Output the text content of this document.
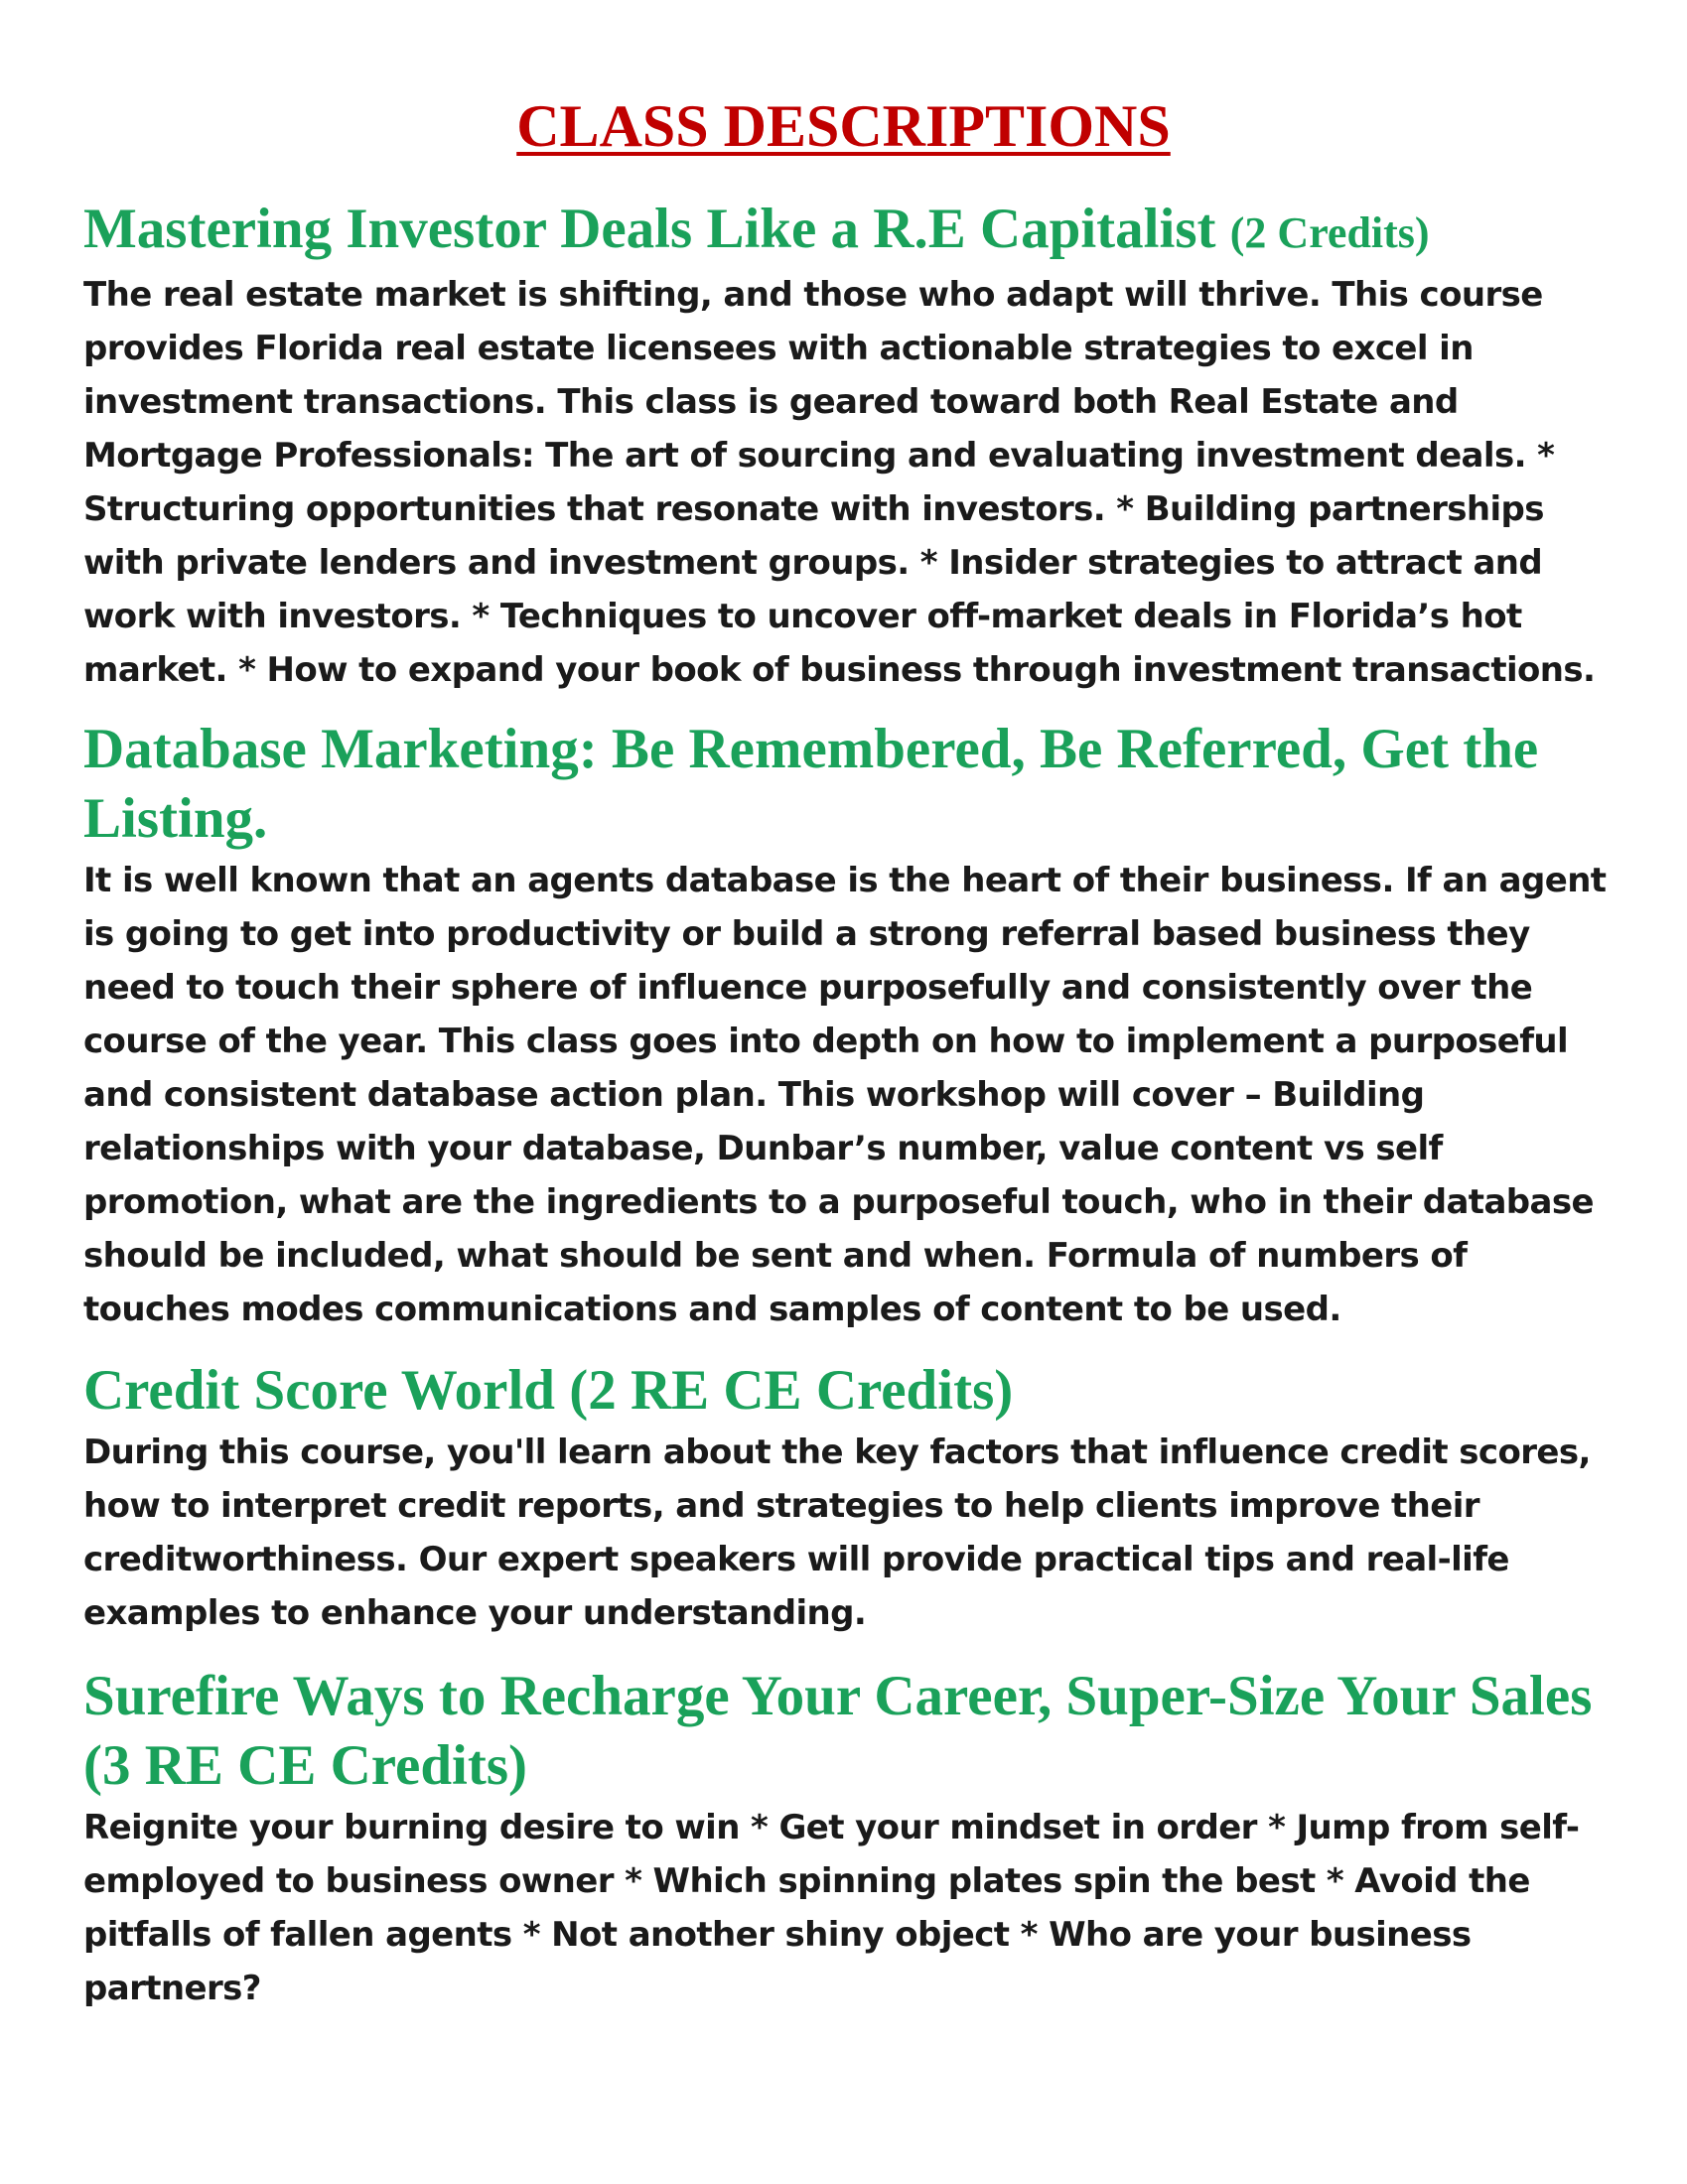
CLASS DESCRIPTIONS
Mastering Investor Deals Like a R.E Capitalist (2 Credits)

The real estate market is shifting, and those who adapt will thrive. This course provides Florida real estate licensees with actionable strategies to excel in investment transactions. This class is geared toward both Real Estate and Mortgage Professionals: The art of sourcing and evaluating investment deals. * Structuring opportunities that resonate with investors. * Building partnerships with private lenders and investment groups. * Insider strategies to attract and work with investors. * Techniques to uncover off-market deals in Florida’s hot market. * How to expand your book of business through investment transactions.

Database Marketing: Be Remembered, Be Referred, Get the Listing.

It is well known that an agents database is the heart of their business. If an agent is going to get into productivity or build a strong referral based business they need to touch their sphere of influence purposefully and consistently over the course of the year. This class goes into depth on how to implement a purposeful and consistent database action plan. This workshop will cover – Building relationships with your database, Dunbar’s number, value content vs self promotion, what are the ingredients to a purposeful touch, who in their database should be included, what should be sent and when. Formula of numbers of touches modes communications and samples of content to be used.

Credit Score World (2 RE CE Credits)

During this course, you'll learn about the key factors that influence credit scores, how to interpret credit reports, and strategies to help clients improve their creditworthiness. Our expert speakers will provide practical tips and real-life examples to enhance your understanding.

Surefire Ways to Recharge Your Career, Super-Size Your Sales (3 RE CE Credits)

Reignite your burning desire to win * Get your mindset in order * Jump from self-employed to business owner * Which spinning plates spin the best * Avoid the pitfalls of fallen agents * Not another shiny object * Who are your business partners?
